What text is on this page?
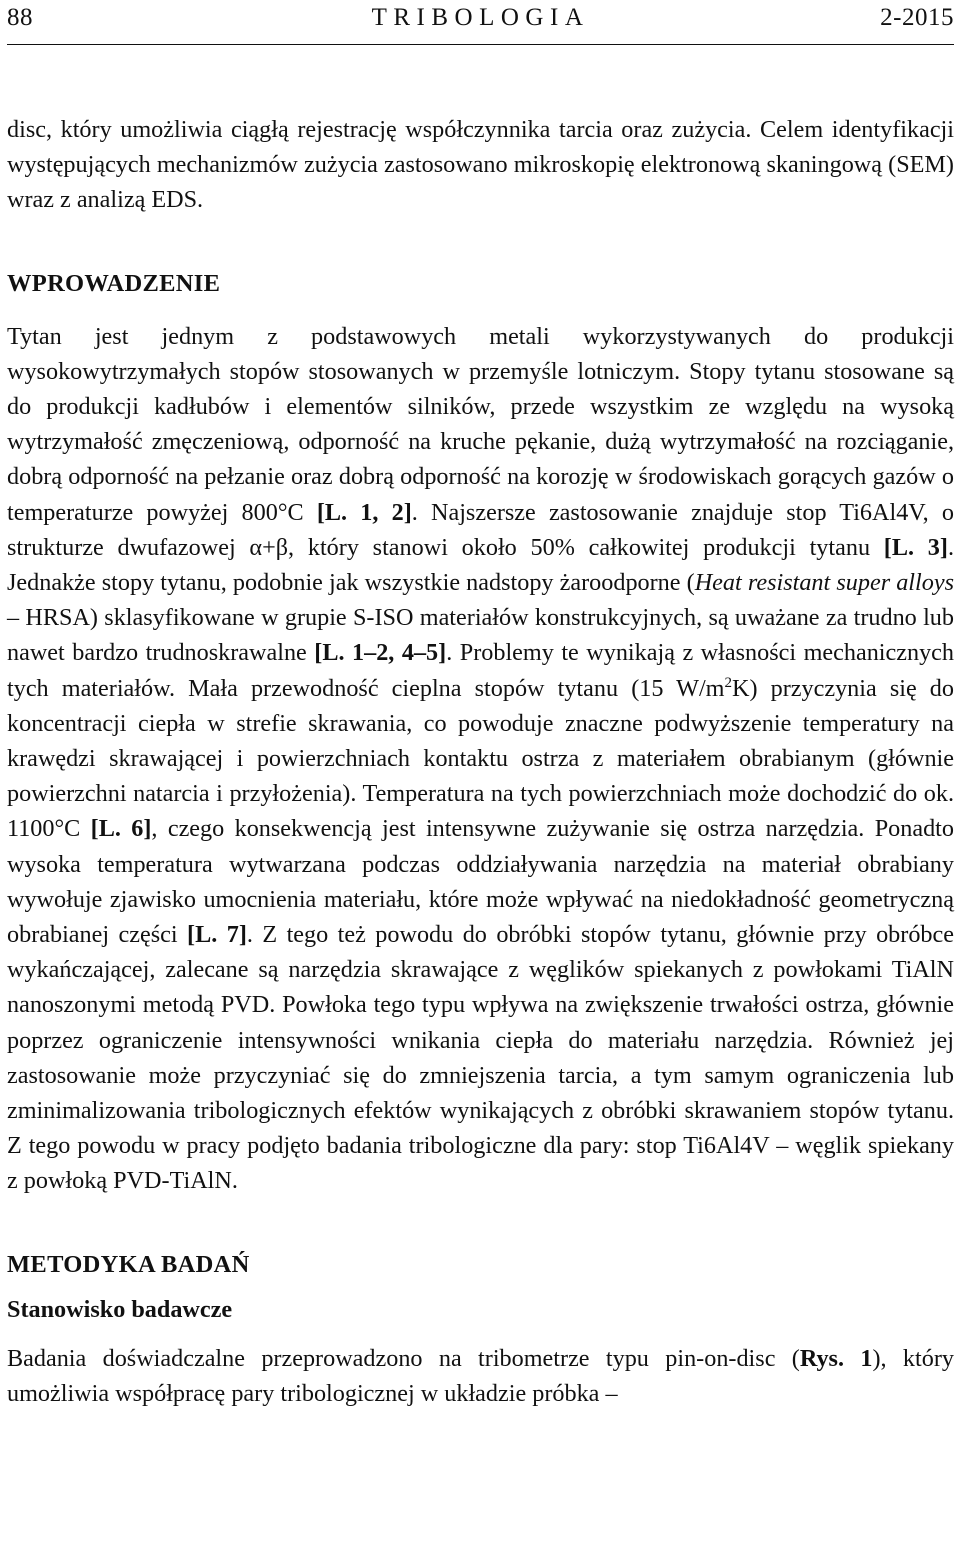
88	TRIBOLOGIA	2-2015

disc, który umożliwia ciągłą rejestrację współczynnika tarcia oraz zużycia. Celem identyfikacji występujących mechanizmów zużycia zastosowano mikroskopię elektronową skaningową (SEM) wraz z analizą EDS.

WPROWADZENIE

Tytan jest jednym z podstawowych metali wykorzystywanych do produkcji wysokowytrzymałych stopów stosowanych w przemyśle lotniczym. Stopy tytanu stosowane są do produkcji kadłubów i elementów silników, przede wszystkim ze względu na wysoką wytrzymałość zmęczeniową, odporność na kruche pękanie, dużą wytrzymałość na rozciąganie, dobrą odporność na pełzanie oraz dobrą odporność na korozję w środowiskach gorących gazów o temperaturze powyżej 800°C [L. 1, 2]. Najszersze zastosowanie znajduje stop Ti6Al4V, o strukturze dwufazowej α+β, który stanowi około 50% całkowitej produkcji tytanu [L. 3]. Jednakże stopy tytanu, podobnie jak wszystkie nadstopy żaroodporne (Heat resistant super alloys – HRSA) sklasyfikowane w grupie S-ISO materiałów konstrukcyjnych, są uważane za trudno lub nawet bardzo trudnoskrawalne [L. 1–2, 4–5]. Problemy te wynikają z własności mechanicznych tych materiałów. Mała przewodność cieplna stopów tytanu (15 $W/m^2K$) przyczynia się do koncentracji ciepła w strefie skrawania, co powoduje znaczne podwyższenie temperatury na krawędzi skrawającej i powierzchniach kontaktu ostrza z materiałem obrabianym (głównie powierzchni natarcia i przyłożenia). Temperatura na tych powierzchniach może dochodzić do ok. 1100°C [L. 6], czego konsekwencją jest intensywne zużywanie się ostrza narzędzia. Ponadto wysoka temperatura wytwarzana podczas oddziaływania narzędzia na materiał obrabiany wywołuje zjawisko umocnienia materiału, które może wpływać na niedokładność geometryczną obrabianej części [L. 7]. Z tego też powodu do obróbki stopów tytanu, głównie przy obróbce wykańczającej, zalecane są narzędzia skrawające z węglików spiekanych z powłokami TiAlN nanoszonymi metodą PVD. Powłoka tego typu wpływa na zwiększenie trwałości ostrza, głównie poprzez ograniczenie intensywności wnikania ciepła do materiału narzędzia. Również jej zastosowanie może przyczyniać się do zmniejszenia tarcia, a tym samym ograniczenia lub zminimalizowania tribologicznych efektów wynikających z obróbki skrawaniem stopów tytanu. Z tego powodu w pracy podjęto badania tribologiczne dla pary: stop Ti6Al4V – węglik spiekany z powłoką PVD-TiAlN.

METODYKA BADAŃ
Stanowisko badawcze

Badania doświadczalne przeprowadzono na tribometrze typu pin-on-disc (Rys. 1), który umożliwia współpracę pary tribologicznej w układzie próbka –
